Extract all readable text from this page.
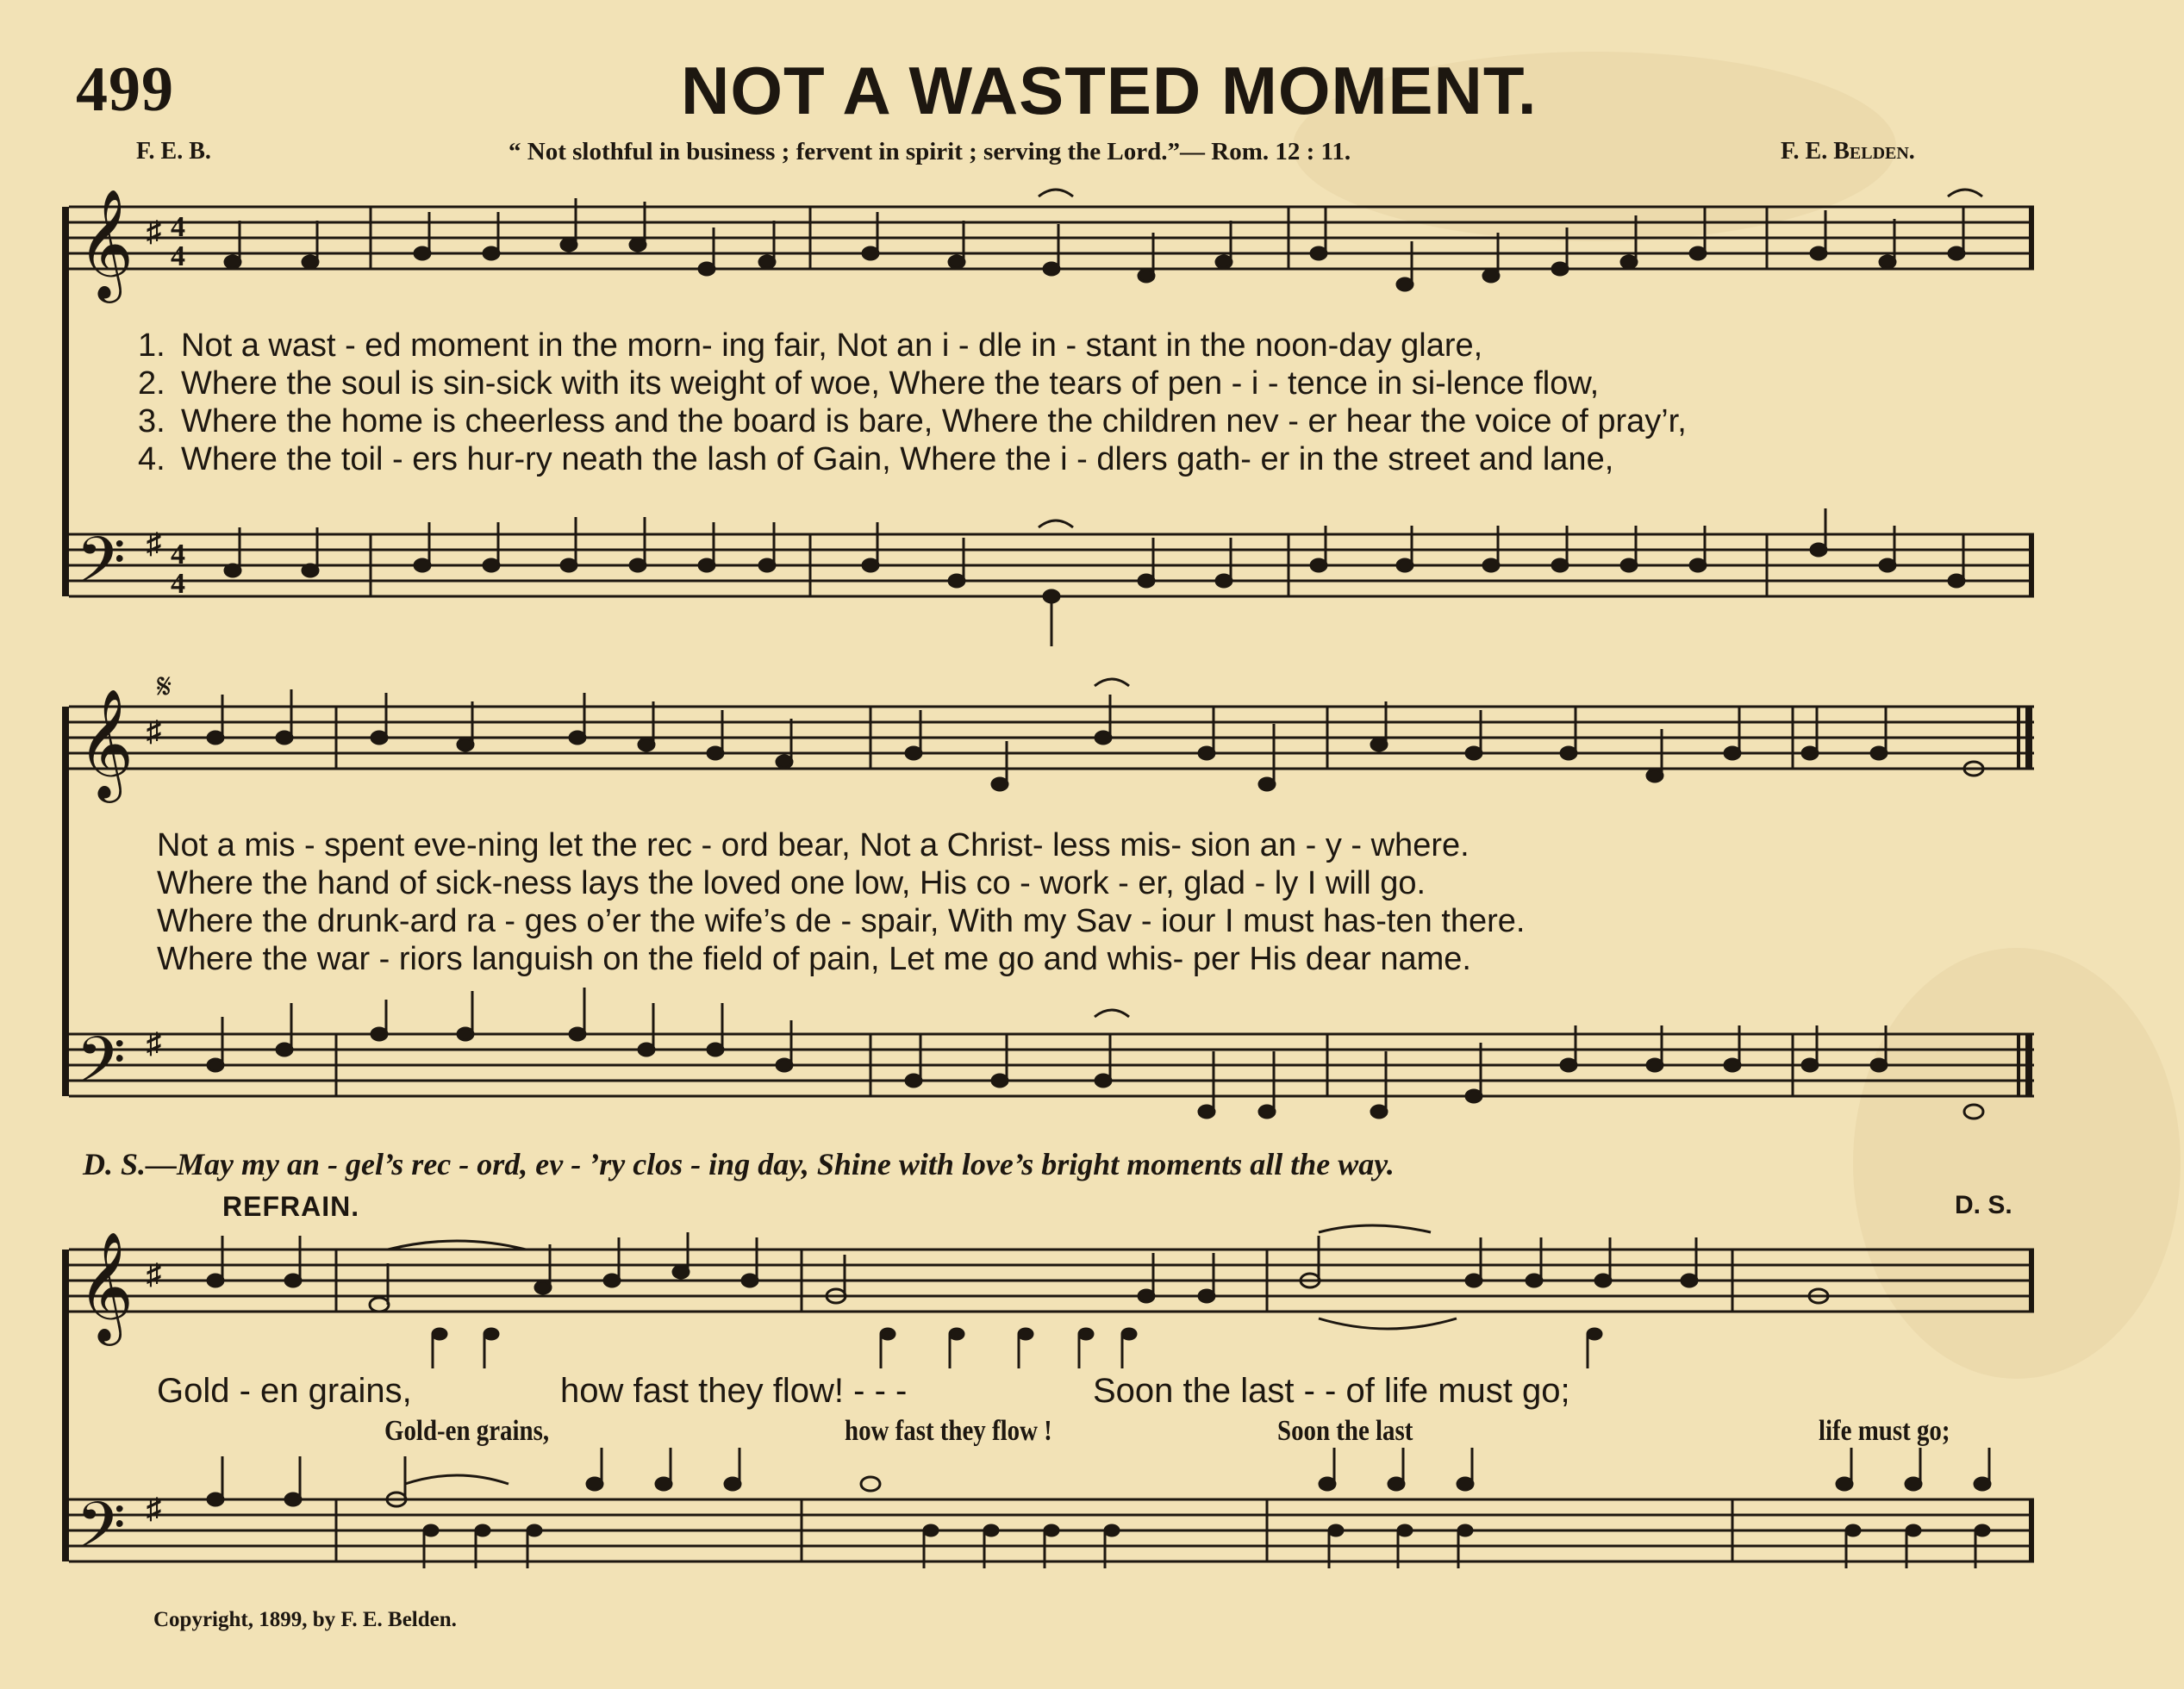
499	NOT A WASTED MOMENT.
F. E. B.	“ Not slothful in business ; fervent in spirit ; serving the Lord.”— Rom. 12 : 11.	F. E. Belden.
𝄞
𝄢
♯
♯
4
4
4
4
1. Not a wast - ed moment in the morn- ing fair, Not an i - dle in - stant in the noon-day glare,
2. Where the soul is sin-sick with its weight of woe, Where the tears of pen - i - tence in si-lence flow,
3. Where the home is cheerless and the board is bare, Where the children nev - er hear the voice of pray’r,
4. Where the toil - ers hur-ry neath the lash of Gain, Where the i - dlers gath- er in the street and lane,
𝄞
𝄢
♯
♯
𝄋
Not a mis - spent eve-ning let the rec - ord bear, Not a Christ- less mis- sion an - y - where.
Where the hand of sick-ness lays the loved one low, His co - work - er, glad - ly I will go.
Where the drunk-ard ra - ges o’er the wife’s de - spair, With my Sav - iour I must has-ten there.
Where the war - riors languish on the field of pain, Let me go and whis- per His dear name.
D. S.—May my an - gel’s rec - ord, ev - ’ry clos - ing day, Shine with love’s bright moments all the way.
REFRAIN.	D. S.
𝄞
𝄢
♯
♯
Gold - en grains,	how fast they flow! - - -	Soon the last - - of life must go;
Gold-en grains,	how fast they flow !	Soon the last	life must go;
Copyright, 1899, by F. E. Belden.
